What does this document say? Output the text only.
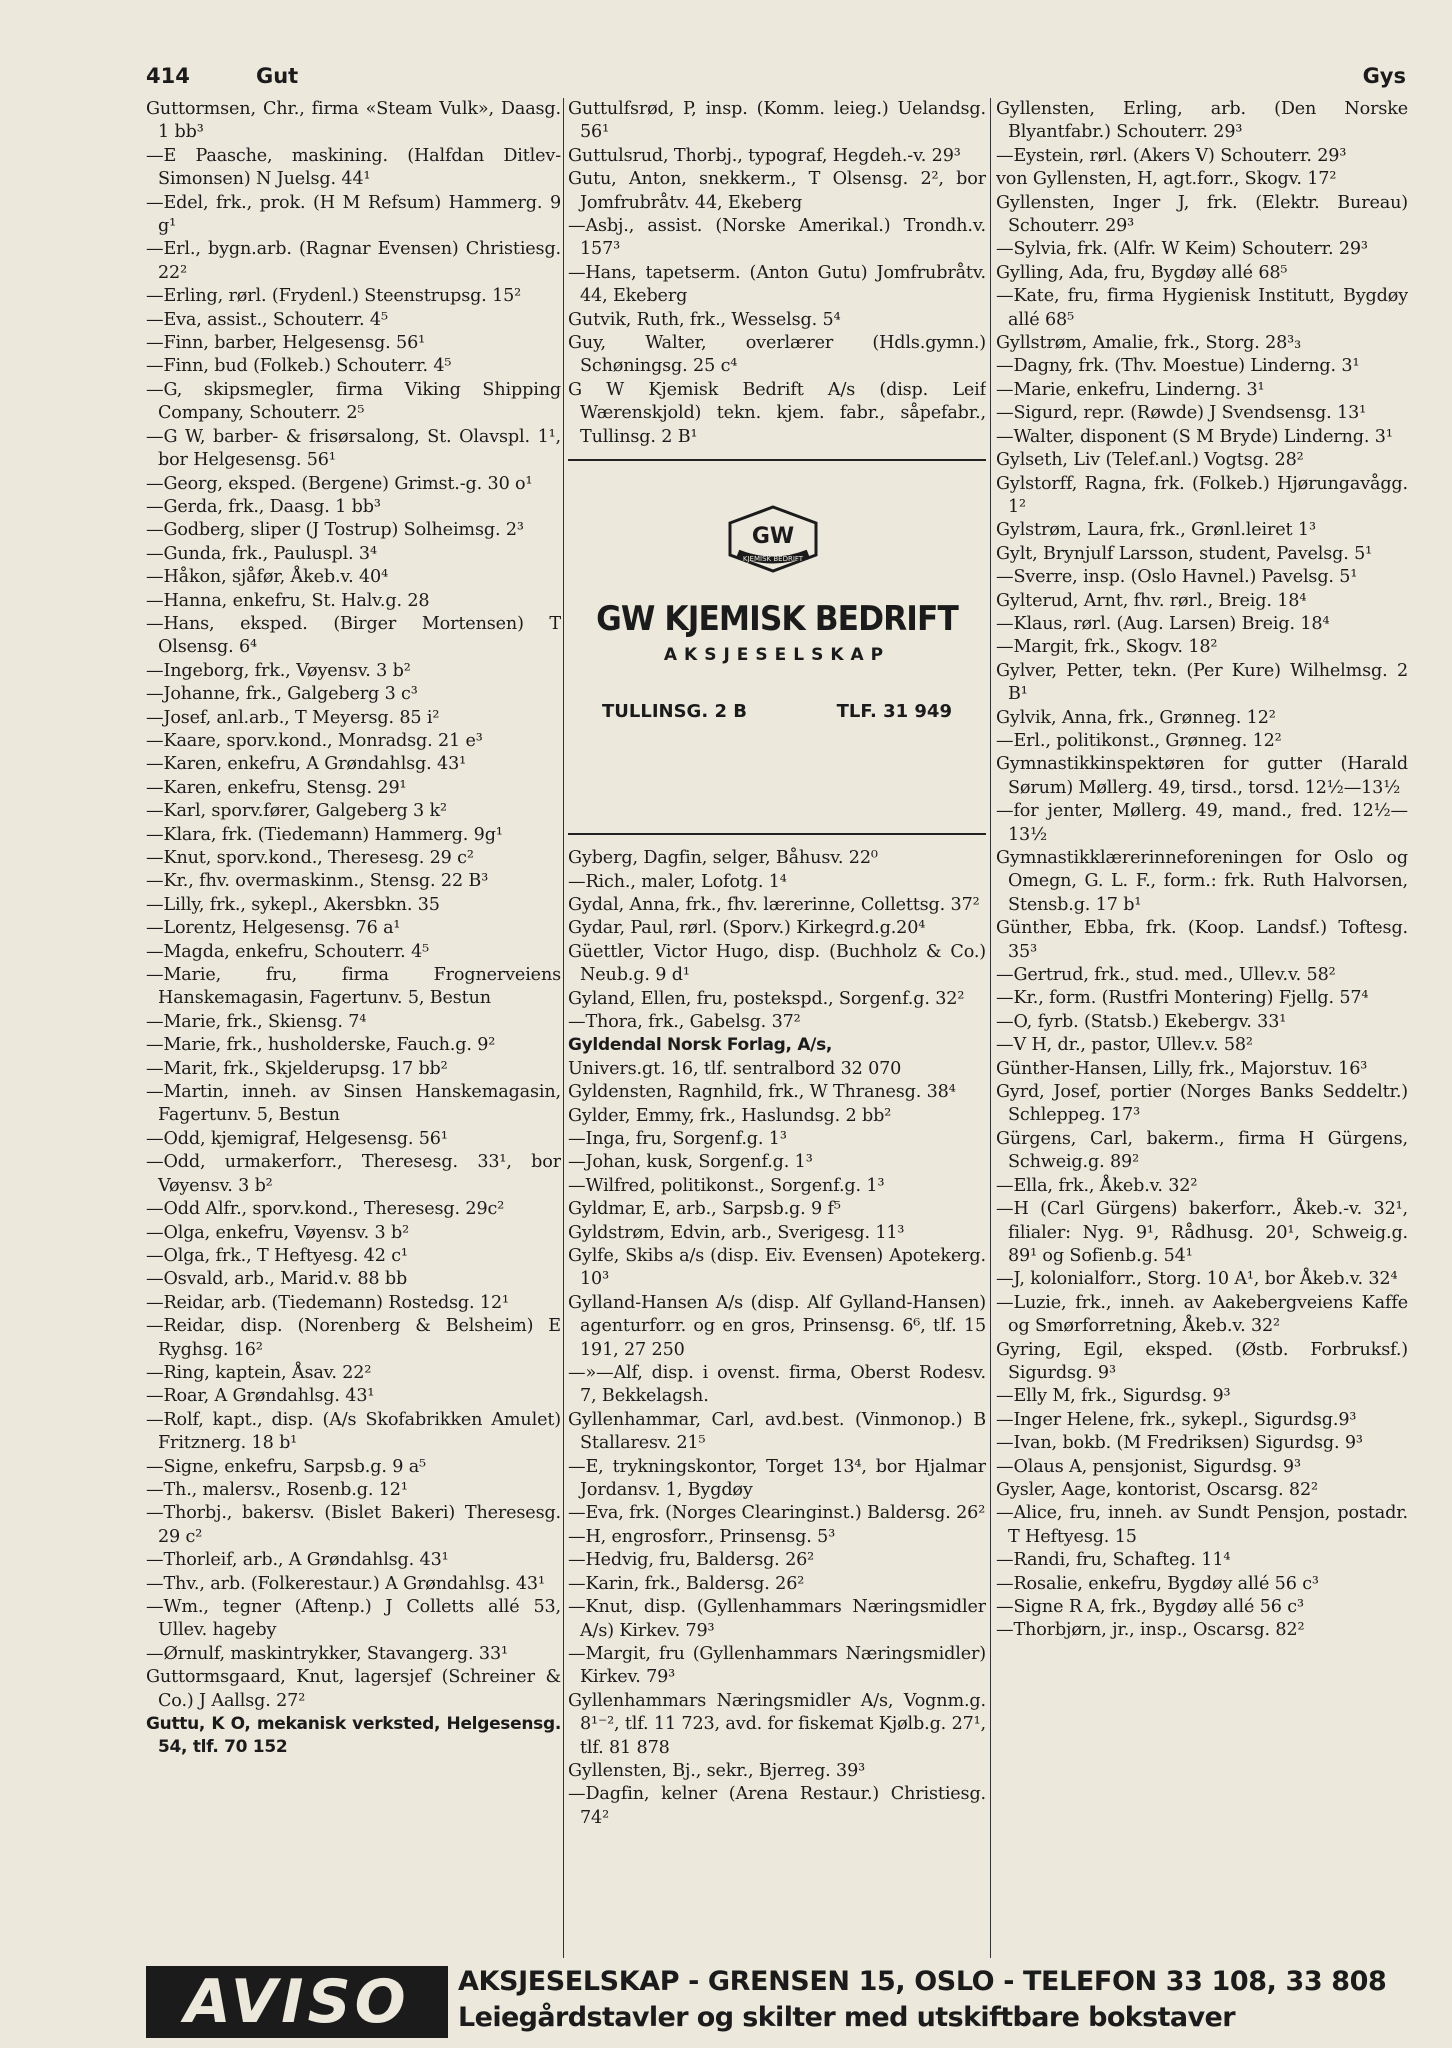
414	Gut	Gys
Guttormsen, Chr., firma «Steam Vulk», Daasg. 1 bb³
—E Paasche, maskining. (Halfdan Ditlev-Simonsen) N Juelsg. 44¹
—Edel, frk., prok. (H M Refsum) Hammerg. 9 g¹
—Erl., bygn.arb. (Ragnar Evensen) Christiesg. 22²
—Erling, rørl. (Frydenl.) Steenstrupsg. 15²
—Eva, assist., Schouterr. 4⁵
—Finn, barber, Helgesensg. 56¹
—Finn, bud (Folkeb.) Schouterr. 4⁵
—G, skipsmegler, firma Viking Shipping Company, Schouterr. 2⁵
—G W, barber- & frisørsalong, St. Olavspl. 1¹, bor Helgesensg. 56¹
—Georg, eksped. (Bergene) Grimst.-g. 30 o¹
—Gerda, frk., Daasg. 1 bb³
—Godberg, sliper (J Tostrup) Solheimsg. 2³
—Gunda, frk., Pauluspl. 3⁴
—Håkon, sjåfør, Åkeb.v. 40⁴
—Hanna, enkefru, St. Halv.g. 28
—Hans, eksped. (Birger Mortensen) T Olsensg. 6⁴
—Ingeborg, frk., Vøyensv. 3 b²
—Johanne, frk., Galgeberg 3 c³
—Josef, anl.arb., T Meyersg. 85 i²
—Kaare, sporv.kond., Monradsg. 21 e³
—Karen, enkefru, A Grøndahlsg. 43¹
—Karen, enkefru, Stensg. 29¹
—Karl, sporv.fører, Galgeberg 3 k²
—Klara, frk. (Tiedemann) Hammerg. 9g¹
—Knut, sporv.kond., Theresesg. 29 c²
—Kr., fhv. overmaskinm., Stensg. 22 B³
—Lilly, frk., sykepl., Akersbkn. 35
—Lorentz, Helgesensg. 76 a¹
—Magda, enkefru, Schouterr. 4⁵
—Marie, fru, firma Frognerveiens Hanskemagasin, Fagertunv. 5, Bestun
—Marie, frk., Skiensg. 7⁴
—Marie, frk., husholderske, Fauch.g. 9²
—Marit, frk., Skjelderupsg. 17 bb²
—Martin, inneh. av Sinsen Hanskemagasin, Fagertunv. 5, Bestun
—Odd, kjemigraf, Helgesensg. 56¹
—Odd, urmakerforr., Theresesg. 33¹, bor Vøyensv. 3 b²
—Odd Alfr., sporv.kond., Theresesg. 29c²
—Olga, enkefru, Vøyensv. 3 b²
—Olga, frk., T Heftyesg. 42 c¹
—Osvald, arb., Marid.v. 88 bb
—Reidar, arb. (Tiedemann) Rostedsg. 12¹
—Reidar, disp. (Norenberg & Belsheim) E Ryghsg. 16²
—Ring, kaptein, Åsav. 22²
—Roar, A Grøndahlsg. 43¹
—Rolf, kapt., disp. (A/s Skofabrikken Amulet) Fritznerg. 18 b¹
—Signe, enkefru, Sarpsb.g. 9 a⁵
—Th., malersv., Rosenb.g. 12¹
—Thorbj., bakersv. (Bislet Bakeri) Theresesg. 29 c²
—Thorleif, arb., A Grøndahlsg. 43¹
—Thv., arb. (Folkerestaur.) A Grøndahlsg. 43¹
—Wm., tegner (Aftenp.) J Colletts allé 53, Ullev. hageby
—Ørnulf, maskintrykker, Stavangerg. 33¹
Guttormsgaard, Knut, lagersjef (Schreiner & Co.) J Aallsg. 27²
Guttu, K O, mekanisk verksted, Helgesensg. 54, tlf. 70 152
Guttulfsrød, P, insp. (Komm. leieg.) Uelandsg. 56¹
Guttulsrud, Thorbj., typograf, Hegdeh.-v. 29³
Gutu, Anton, snekkerm., T Olsensg. 2², bor Jomfrubråtv. 44, Ekeberg
—Asbj., assist. (Norske Amerikal.) Trondh.v. 157³
—Hans, tapetserm. (Anton Gutu) Jomfrubråtv. 44, Ekeberg
Gutvik, Ruth, frk., Wesselsg. 5⁴
Guy, Walter, overlærer (Hdls.gymn.) Schøningsg. 25 c⁴
G W Kjemisk Bedrift A/s (disp. Leif Wærenskjold) tekn. kjem. fabr., såpefabr., Tullinsg. 2 B¹
GW
KJEMISK BEDRIFT
GW KJEMISK BEDRIFT
AKSJESELSKAP
TULLINSG. 2 B	TLF. 31 949
Gyberg, Dagfin, selger, Båhusv. 22⁰
—Rich., maler, Lofotg. 1⁴
Gydal, Anna, frk., fhv. lærerinne, Collettsg. 37²
Gydar, Paul, rørl. (Sporv.) Kirkegrd.g.20⁴
Güettler, Victor Hugo, disp. (Buchholz & Co.) Neub.g. 9 d¹
Gyland, Ellen, fru, postekspd., Sorgenf.g. 32²
—Thora, frk., Gabelsg. 37²
Gyldendal Norsk Forlag, A/s,
Univers.gt. 16, tlf. sentralbord 32 070
Gyldensten, Ragnhild, frk., W Thranesg. 38⁴
Gylder, Emmy, frk., Haslundsg. 2 bb²
—Inga, fru, Sorgenf.g. 1³
—Johan, kusk, Sorgenf.g. 1³
—Wilfred, politikonst., Sorgenf.g. 1³
Gyldmar, E, arb., Sarpsb.g. 9 f⁵
Gyldstrøm, Edvin, arb., Sverigesg. 11³
Gylfe, Skibs a/s (disp. Eiv. Evensen) Apotekerg. 10³
Gylland-Hansen A/s (disp. Alf Gylland-Hansen) agenturforr. og en gros, Prinsensg. 6⁶, tlf. 15 191, 27 250
—»—Alf, disp. i ovenst. firma, Oberst Rodesv. 7, Bekkelagsh.
Gyllenhammar, Carl, avd.best. (Vinmonop.) B Stallaresv. 21⁵
—E, trykningskontor, Torget 13⁴, bor Hjalmar Jordansv. 1, Bygdøy
—Eva, frk. (Norges Clearinginst.) Baldersg. 26²
—H, engrosforr., Prinsensg. 5³
—Hedvig, fru, Baldersg. 26²
—Karin, frk., Baldersg. 26²
—Knut, disp. (Gyllenhammars Næringsmidler A/s) Kirkev. 79³
—Margit, fru (Gyllenhammars Næringsmidler) Kirkev. 79³
Gyllenhammars Næringsmidler A/s, Vognm.g. 8¹⁻², tlf. 11 723, avd. for fiskemat Kjølb.g. 27¹, tlf. 81 878
Gyllensten, Bj., sekr., Bjerreg. 39³
—Dagfin, kelner (Arena Restaur.) Christiesg. 74²
Gyllensten, Erling, arb. (Den Norske Blyantfabr.) Schouterr. 29³
—Eystein, rørl. (Akers V) Schouterr. 29³
von Gyllensten, H, agt.forr., Skogv. 17²
Gyllensten, Inger J, frk. (Elektr. Bureau) Schouterr. 29³
—Sylvia, frk. (Alfr. W Keim) Schouterr. 29³
Gylling, Ada, fru, Bygdøy allé 68⁵
—Kate, fru, firma Hygienisk Institutt, Bygdøy allé 68⁵
Gyllstrøm, Amalie, frk., Storg. 28³₃
—Dagny, frk. (Thv. Moestue) Linderng. 3¹
—Marie, enkefru, Linderng. 3¹
—Sigurd, repr. (Røwde) J Svendsensg. 13¹
—Walter, disponent (S M Bryde) Linderng. 3¹
Gylseth, Liv (Telef.anl.) Vogtsg. 28²
Gylstorff, Ragna, frk. (Folkeb.) Hjørungavågg. 1²
Gylstrøm, Laura, frk., Grønl.leiret 1³
Gylt, Brynjulf Larsson, student, Pavelsg. 5¹
—Sverre, insp. (Oslo Havnel.) Pavelsg. 5¹
Gylterud, Arnt, fhv. rørl., Breig. 18⁴
—Klaus, rørl. (Aug. Larsen) Breig. 18⁴
—Margit, frk., Skogv. 18²
Gylver, Petter, tekn. (Per Kure) Wilhelmsg. 2 B¹
Gylvik, Anna, frk., Grønneg. 12²
—Erl., politikonst., Grønneg. 12²
Gymnastikkinspektøren for gutter (Harald Sørum) Møllerg. 49, tirsd., torsd. 12½—13½
—for jenter, Møllerg. 49, mand., fred. 12½—13½
Gymnastikklærerinneforeningen for Oslo og Omegn, G. L. F., form.: frk. Ruth Halvorsen, Stensb.g. 17 b¹
Günther, Ebba, frk. (Koop. Landsf.) Toftesg. 35³
—Gertrud, frk., stud. med., Ullev.v. 58²
—Kr., form. (Rustfri Montering) Fjellg. 57⁴
—O, fyrb. (Statsb.) Ekebergv. 33¹
—V H, dr., pastor, Ullev.v. 58²
Günther-Hansen, Lilly, frk., Majorstuv. 16³
Gyrd, Josef, portier (Norges Banks Seddeltr.) Schleppeg. 17³
Gürgens, Carl, bakerm., firma H Gürgens, Schweig.g. 89²
—Ella, frk., Åkeb.v. 32²
—H (Carl Gürgens) bakerforr., Åkeb.-v. 32¹, filialer: Nyg. 9¹, Rådhusg. 20¹, Schweig.g. 89¹ og Sofienb.g. 54¹
—J, kolonialforr., Storg. 10 A¹, bor Åkeb.v. 32⁴
—Luzie, frk., inneh. av Aakebergveiens Kaffe og Smørforretning, Åkeb.v. 32²
Gyring, Egil, eksped. (Østb. Forbruksf.) Sigurdsg. 9³
—Elly M, frk., Sigurdsg. 9³
—Inger Helene, frk., sykepl., Sigurdsg.9³
—Ivan, bokb. (M Fredriksen) Sigurdsg. 9³
—Olaus A, pensjonist, Sigurdsg. 9³
Gysler, Aage, kontorist, Oscarsg. 82²
—Alice, fru, inneh. av Sundt Pensjon, postadr. T Heftyesg. 15
—Randi, fru, Schafteg. 11⁴
—Rosalie, enkefru, Bygdøy allé 56 c³
—Signe R A, frk., Bygdøy allé 56 c³
—Thorbjørn, jr., insp., Oscarsg. 82²
AVISO	AKSJESELSKAP - GRENSEN 15, OSLO - TELEFON 33 108, 33 808
Leiegårdstavler og skilter med utskiftbare bokstaver
